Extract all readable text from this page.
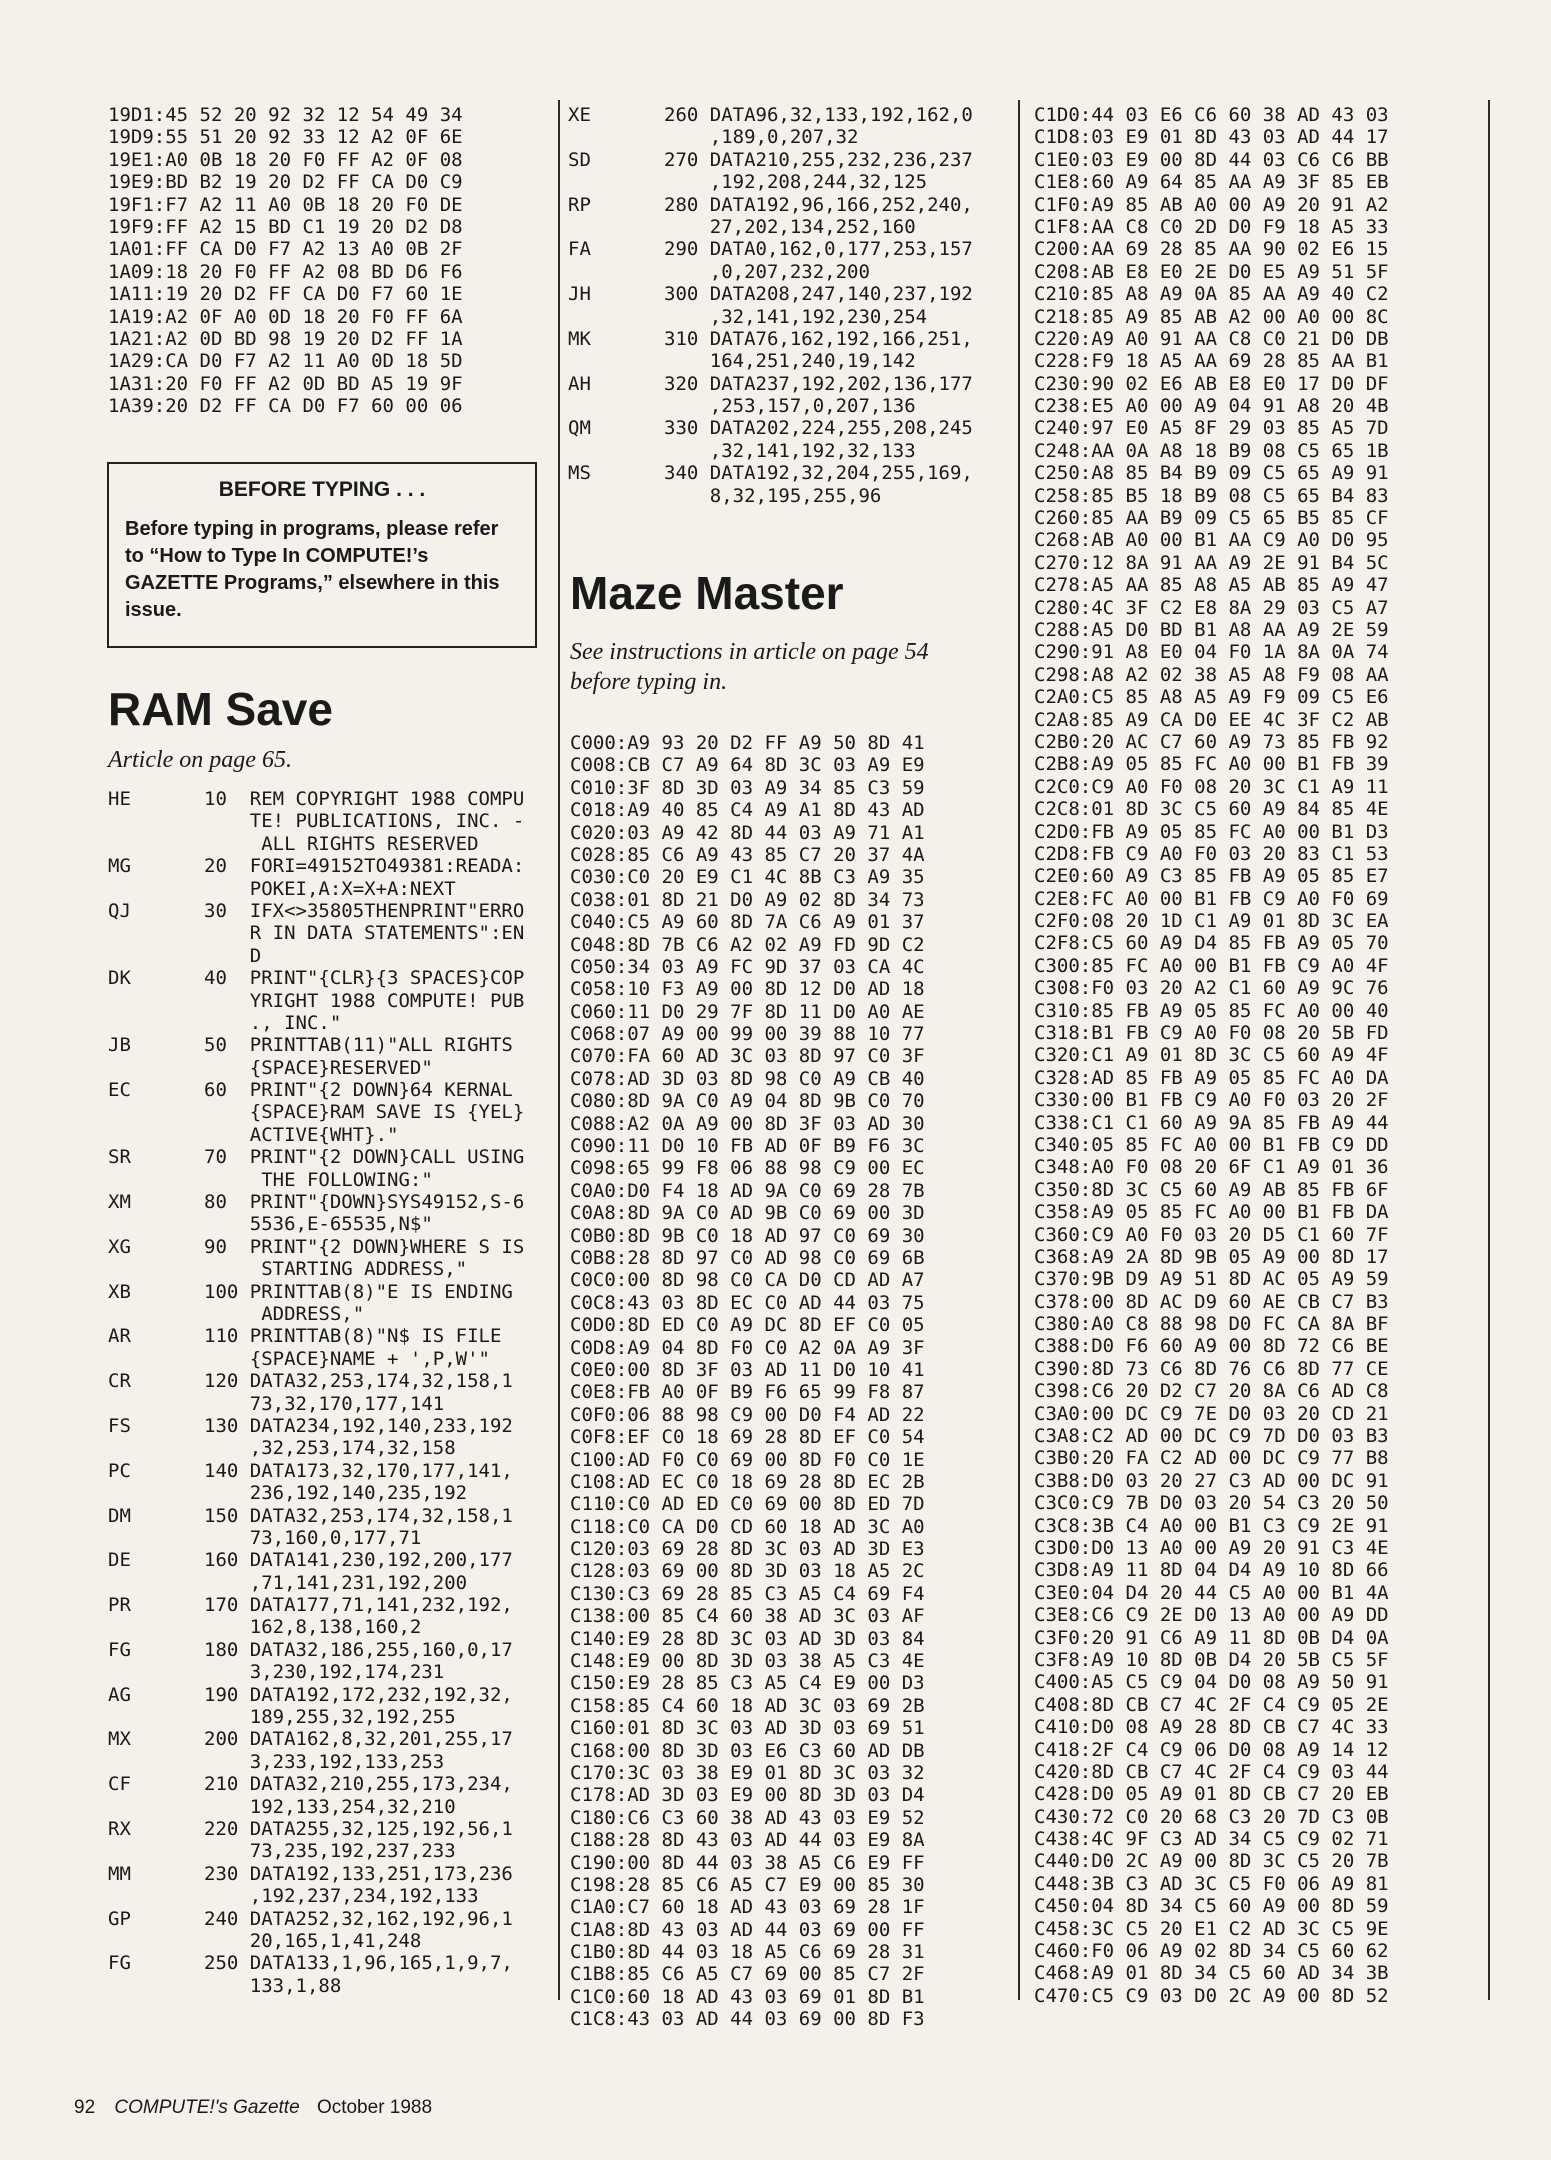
19D1:45 52 20 92 32 12 54 49 34
19D9:55 51 20 92 33 12 A2 0F 6E
19E1:A0 0B 18 20 F0 FF A2 0F 08
19E9:BD B2 19 20 D2 FF CA D0 C9
19F1:F7 A2 11 A0 0B 18 20 F0 DE
19F9:FF A2 15 BD C1 19 20 D2 D8
1A01:FF CA D0 F7 A2 13 A0 0B 2F
1A09:18 20 F0 FF A2 08 BD D6 F6
1A11:19 20 D2 FF CA D0 F7 60 1E
1A19:A2 0F A0 0D 18 20 F0 FF 6A
1A21:A2 0D BD 98 19 20 D2 FF 1A
1A29:CA D0 F7 A2 11 A0 0D 18 5D
1A31:20 F0 FF A2 0D BD A5 19 9F
1A39:20 D2 FF CA D0 F7 60 00 06
BEFORE TYPING . . .

Before typing in programs, please refer to “How to Type In COMPUTE!’s GAZETTE Programs,” elsewhere in this issue.

RAM Save
Article on page 65.
HE	10  REM COPYRIGHT 1988 COMPU
TE! PUBLICATIONS, INC. -
ALL RIGHTS RESERVED
MG	20  FORI=49152TO49381:READA:
POKEI,A:X=X+A:NEXT
QJ	30  IFX<>35805THENPRINT"ERRO
R IN DATA STATEMENTS":EN
D
DK	40  PRINT"{CLR}{3 SPACES}COP
YRIGHT 1988 COMPUTE! PUB
., INC."
JB	50  PRINTTAB(11)"ALL RIGHTS
{SPACE}RESERVED"
EC	60  PRINT"{2 DOWN}64 KERNAL
{SPACE}RAM SAVE IS {YEL}
ACTIVE{WHT}."
SR	70  PRINT"{2 DOWN}CALL USING
THE FOLLOWING:"
XM	80  PRINT"{DOWN}SYS49152,S-6
5536,E-65535,N$"
XG	90  PRINT"{2 DOWN}WHERE S IS
STARTING ADDRESS,"
XB	100 PRINTTAB(8)"E IS ENDING
ADDRESS,"
AR	110 PRINTTAB(8)"N$ IS FILE
{SPACE}NAME + ',P,W'"
CR	120 DATA32,253,174,32,158,1
73,32,170,177,141
FS	130 DATA234,192,140,233,192
,32,253,174,32,158
PC	140 DATA173,32,170,177,141,
236,192,140,235,192
DM	150 DATA32,253,174,32,158,1
73,160,0,177,71
DE	160 DATA141,230,192,200,177
,71,141,231,192,200
PR	170 DATA177,71,141,232,192,
162,8,138,160,2
FG	180 DATA32,186,255,160,0,17
3,230,192,174,231
AG	190 DATA192,172,232,192,32,
189,255,32,192,255
MX	200 DATA162,8,32,201,255,17
3,233,192,133,253
CF	210 DATA32,210,255,173,234,
192,133,254,32,210
RX	220 DATA255,32,125,192,56,1
73,235,192,237,233
MM	230 DATA192,133,251,173,236
,192,237,234,192,133
GP	240 DATA252,32,162,192,96,1
20,165,1,41,248
FG	250 DATA133,1,96,165,1,9,7,
133,1,88
XE	260 DATA96,32,133,192,162,0
,189,0,207,32
SD	270 DATA210,255,232,236,237
,192,208,244,32,125
RP	280 DATA192,96,166,252,240,
27,202,134,252,160
FA	290 DATA0,162,0,177,253,157
,0,207,232,200
JH	300 DATA208,247,140,237,192
,32,141,192,230,254
MK	310 DATA76,162,192,166,251,
164,251,240,19,142
AH	320 DATA237,192,202,136,177
,253,157,0,207,136
QM	330 DATA202,224,255,208,245
,32,141,192,32,133
MS	340 DATA192,32,204,255,169,
8,32,195,255,96
Maze Master
See instructions in article on page 54
before typing in.
C000:A9 93 20 D2 FF A9 50 8D 41
C008:CB C7 A9 64 8D 3C 03 A9 E9
C010:3F 8D 3D 03 A9 34 85 C3 59
C018:A9 40 85 C4 A9 A1 8D 43 AD
C020:03 A9 42 8D 44 03 A9 71 A1
C028:85 C6 A9 43 85 C7 20 37 4A
C030:C0 20 E9 C1 4C 8B C3 A9 35
C038:01 8D 21 D0 A9 02 8D 34 73
C040:C5 A9 60 8D 7A C6 A9 01 37
C048:8D 7B C6 A2 02 A9 FD 9D C2
C050:34 03 A9 FC 9D 37 03 CA 4C
C058:10 F3 A9 00 8D 12 D0 AD 18
C060:11 D0 29 7F 8D 11 D0 A0 AE
C068:07 A9 00 99 00 39 88 10 77
C070:FA 60 AD 3C 03 8D 97 C0 3F
C078:AD 3D 03 8D 98 C0 A9 CB 40
C080:8D 9A C0 A9 04 8D 9B C0 70
C088:A2 0A A9 00 8D 3F 03 AD 30
C090:11 D0 10 FB AD 0F B9 F6 3C
C098:65 99 F8 06 88 98 C9 00 EC
C0A0:D0 F4 18 AD 9A C0 69 28 7B
C0A8:8D 9A C0 AD 9B C0 69 00 3D
C0B0:8D 9B C0 18 AD 97 C0 69 30
C0B8:28 8D 97 C0 AD 98 C0 69 6B
C0C0:00 8D 98 C0 CA D0 CD AD A7
C0C8:43 03 8D EC C0 AD 44 03 75
C0D0:8D ED C0 A9 DC 8D EF C0 05
C0D8:A9 04 8D F0 C0 A2 0A A9 3F
C0E0:00 8D 3F 03 AD 11 D0 10 41
C0E8:FB A0 0F B9 F6 65 99 F8 87
C0F0:06 88 98 C9 00 D0 F4 AD 22
C0F8:EF C0 18 69 28 8D EF C0 54
C100:AD F0 C0 69 00 8D F0 C0 1E
C108:AD EC C0 18 69 28 8D EC 2B
C110:C0 AD ED C0 69 00 8D ED 7D
C118:C0 CA D0 CD 60 18 AD 3C A0
C120:03 69 28 8D 3C 03 AD 3D E3
C128:03 69 00 8D 3D 03 18 A5 2C
C130:C3 69 28 85 C3 A5 C4 69 F4
C138:00 85 C4 60 38 AD 3C 03 AF
C140:E9 28 8D 3C 03 AD 3D 03 84
C148:E9 00 8D 3D 03 38 A5 C3 4E
C150:E9 28 85 C3 A5 C4 E9 00 D3
C158:85 C4 60 18 AD 3C 03 69 2B
C160:01 8D 3C 03 AD 3D 03 69 51
C168:00 8D 3D 03 E6 C3 60 AD DB
C170:3C 03 38 E9 01 8D 3C 03 32
C178:AD 3D 03 E9 00 8D 3D 03 D4
C180:C6 C3 60 38 AD 43 03 E9 52
C188:28 8D 43 03 AD 44 03 E9 8A
C190:00 8D 44 03 38 A5 C6 E9 FF
C198:28 85 C6 A5 C7 E9 00 85 30
C1A0:C7 60 18 AD 43 03 69 28 1F
C1A8:8D 43 03 AD 44 03 69 00 FF
C1B0:8D 44 03 18 A5 C6 69 28 31
C1B8:85 C6 A5 C7 69 00 85 C7 2F
C1C0:60 18 AD 43 03 69 01 8D B1
C1C8:43 03 AD 44 03 69 00 8D F3
C1D0:44 03 E6 C6 60 38 AD 43 03
C1D8:03 E9 01 8D 43 03 AD 44 17
C1E0:03 E9 00 8D 44 03 C6 C6 BB
C1E8:60 A9 64 85 AA A9 3F 85 EB
C1F0:A9 85 AB A0 00 A9 20 91 A2
C1F8:AA C8 C0 2D D0 F9 18 A5 33
C200:AA 69 28 85 AA 90 02 E6 15
C208:AB E8 E0 2E D0 E5 A9 51 5F
C210:85 A8 A9 0A 85 AA A9 40 C2
C218:85 A9 85 AB A2 00 A0 00 8C
C220:A9 A0 91 AA C8 C0 21 D0 DB
C228:F9 18 A5 AA 69 28 85 AA B1
C230:90 02 E6 AB E8 E0 17 D0 DF
C238:E5 A0 00 A9 04 91 A8 20 4B
C240:97 E0 A5 8F 29 03 85 A5 7D
C248:AA 0A A8 18 B9 08 C5 65 1B
C250:A8 85 B4 B9 09 C5 65 A9 91
C258:85 B5 18 B9 08 C5 65 B4 83
C260:85 AA B9 09 C5 65 B5 85 CF
C268:AB A0 00 B1 AA C9 A0 D0 95
C270:12 8A 91 AA A9 2E 91 B4 5C
C278:A5 AA 85 A8 A5 AB 85 A9 47
C280:4C 3F C2 E8 8A 29 03 C5 A7
C288:A5 D0 BD B1 A8 AA A9 2E 59
C290:91 A8 E0 04 F0 1A 8A 0A 74
C298:A8 A2 02 38 A5 A8 F9 08 AA
C2A0:C5 85 A8 A5 A9 F9 09 C5 E6
C2A8:85 A9 CA D0 EE 4C 3F C2 AB
C2B0:20 AC C7 60 A9 73 85 FB 92
C2B8:A9 05 85 FC A0 00 B1 FB 39
C2C0:C9 A0 F0 08 20 3C C1 A9 11
C2C8:01 8D 3C C5 60 A9 84 85 4E
C2D0:FB A9 05 85 FC A0 00 B1 D3
C2D8:FB C9 A0 F0 03 20 83 C1 53
C2E0:60 A9 C3 85 FB A9 05 85 E7
C2E8:FC A0 00 B1 FB C9 A0 F0 69
C2F0:08 20 1D C1 A9 01 8D 3C EA
C2F8:C5 60 A9 D4 85 FB A9 05 70
C300:85 FC A0 00 B1 FB C9 A0 4F
C308:F0 03 20 A2 C1 60 A9 9C 76
C310:85 FB A9 05 85 FC A0 00 40
C318:B1 FB C9 A0 F0 08 20 5B FD
C320:C1 A9 01 8D 3C C5 60 A9 4F
C328:AD 85 FB A9 05 85 FC A0 DA
C330:00 B1 FB C9 A0 F0 03 20 2F
C338:C1 C1 60 A9 9A 85 FB A9 44
C340:05 85 FC A0 00 B1 FB C9 DD
C348:A0 F0 08 20 6F C1 A9 01 36
C350:8D 3C C5 60 A9 AB 85 FB 6F
C358:A9 05 85 FC A0 00 B1 FB DA
C360:C9 A0 F0 03 20 D5 C1 60 7F
C368:A9 2A 8D 9B 05 A9 00 8D 17
C370:9B D9 A9 51 8D AC 05 A9 59
C378:00 8D AC D9 60 AE CB C7 B3
C380:A0 C8 88 98 D0 FC CA 8A BF
C388:D0 F6 60 A9 00 8D 72 C6 BE
C390:8D 73 C6 8D 76 C6 8D 77 CE
C398:C6 20 D2 C7 20 8A C6 AD C8
C3A0:00 DC C9 7E D0 03 20 CD 21
C3A8:C2 AD 00 DC C9 7D D0 03 B3
C3B0:20 FA C2 AD 00 DC C9 77 B8
C3B8:D0 03 20 27 C3 AD 00 DC 91
C3C0:C9 7B D0 03 20 54 C3 20 50
C3C8:3B C4 A0 00 B1 C3 C9 2E 91
C3D0:D0 13 A0 00 A9 20 91 C3 4E
C3D8:A9 11 8D 04 D4 A9 10 8D 66
C3E0:04 D4 20 44 C5 A0 00 B1 4A
C3E8:C6 C9 2E D0 13 A0 00 A9 DD
C3F0:20 91 C6 A9 11 8D 0B D4 0A
C3F8:A9 10 8D 0B D4 20 5B C5 5F
C400:A5 C5 C9 04 D0 08 A9 50 91
C408:8D CB C7 4C 2F C4 C9 05 2E
C410:D0 08 A9 28 8D CB C7 4C 33
C418:2F C4 C9 06 D0 08 A9 14 12
C420:8D CB C7 4C 2F C4 C9 03 44
C428:D0 05 A9 01 8D CB C7 20 EB
C430:72 C0 20 68 C3 20 7D C3 0B
C438:4C 9F C3 AD 34 C5 C9 02 71
C440:D0 2C A9 00 8D 3C C5 20 7B
C448:3B C3 AD 3C C5 F0 06 A9 81
C450:04 8D 34 C5 60 A9 00 8D 59
C458:3C C5 20 E1 C2 AD 3C C5 9E
C460:F0 06 A9 02 8D 34 C5 60 62
C468:A9 01 8D 34 C5 60 AD 34 3B
C470:C5 C9 03 D0 2C A9 00 8D 52
92 COMPUTE!'s Gazette October 1988
